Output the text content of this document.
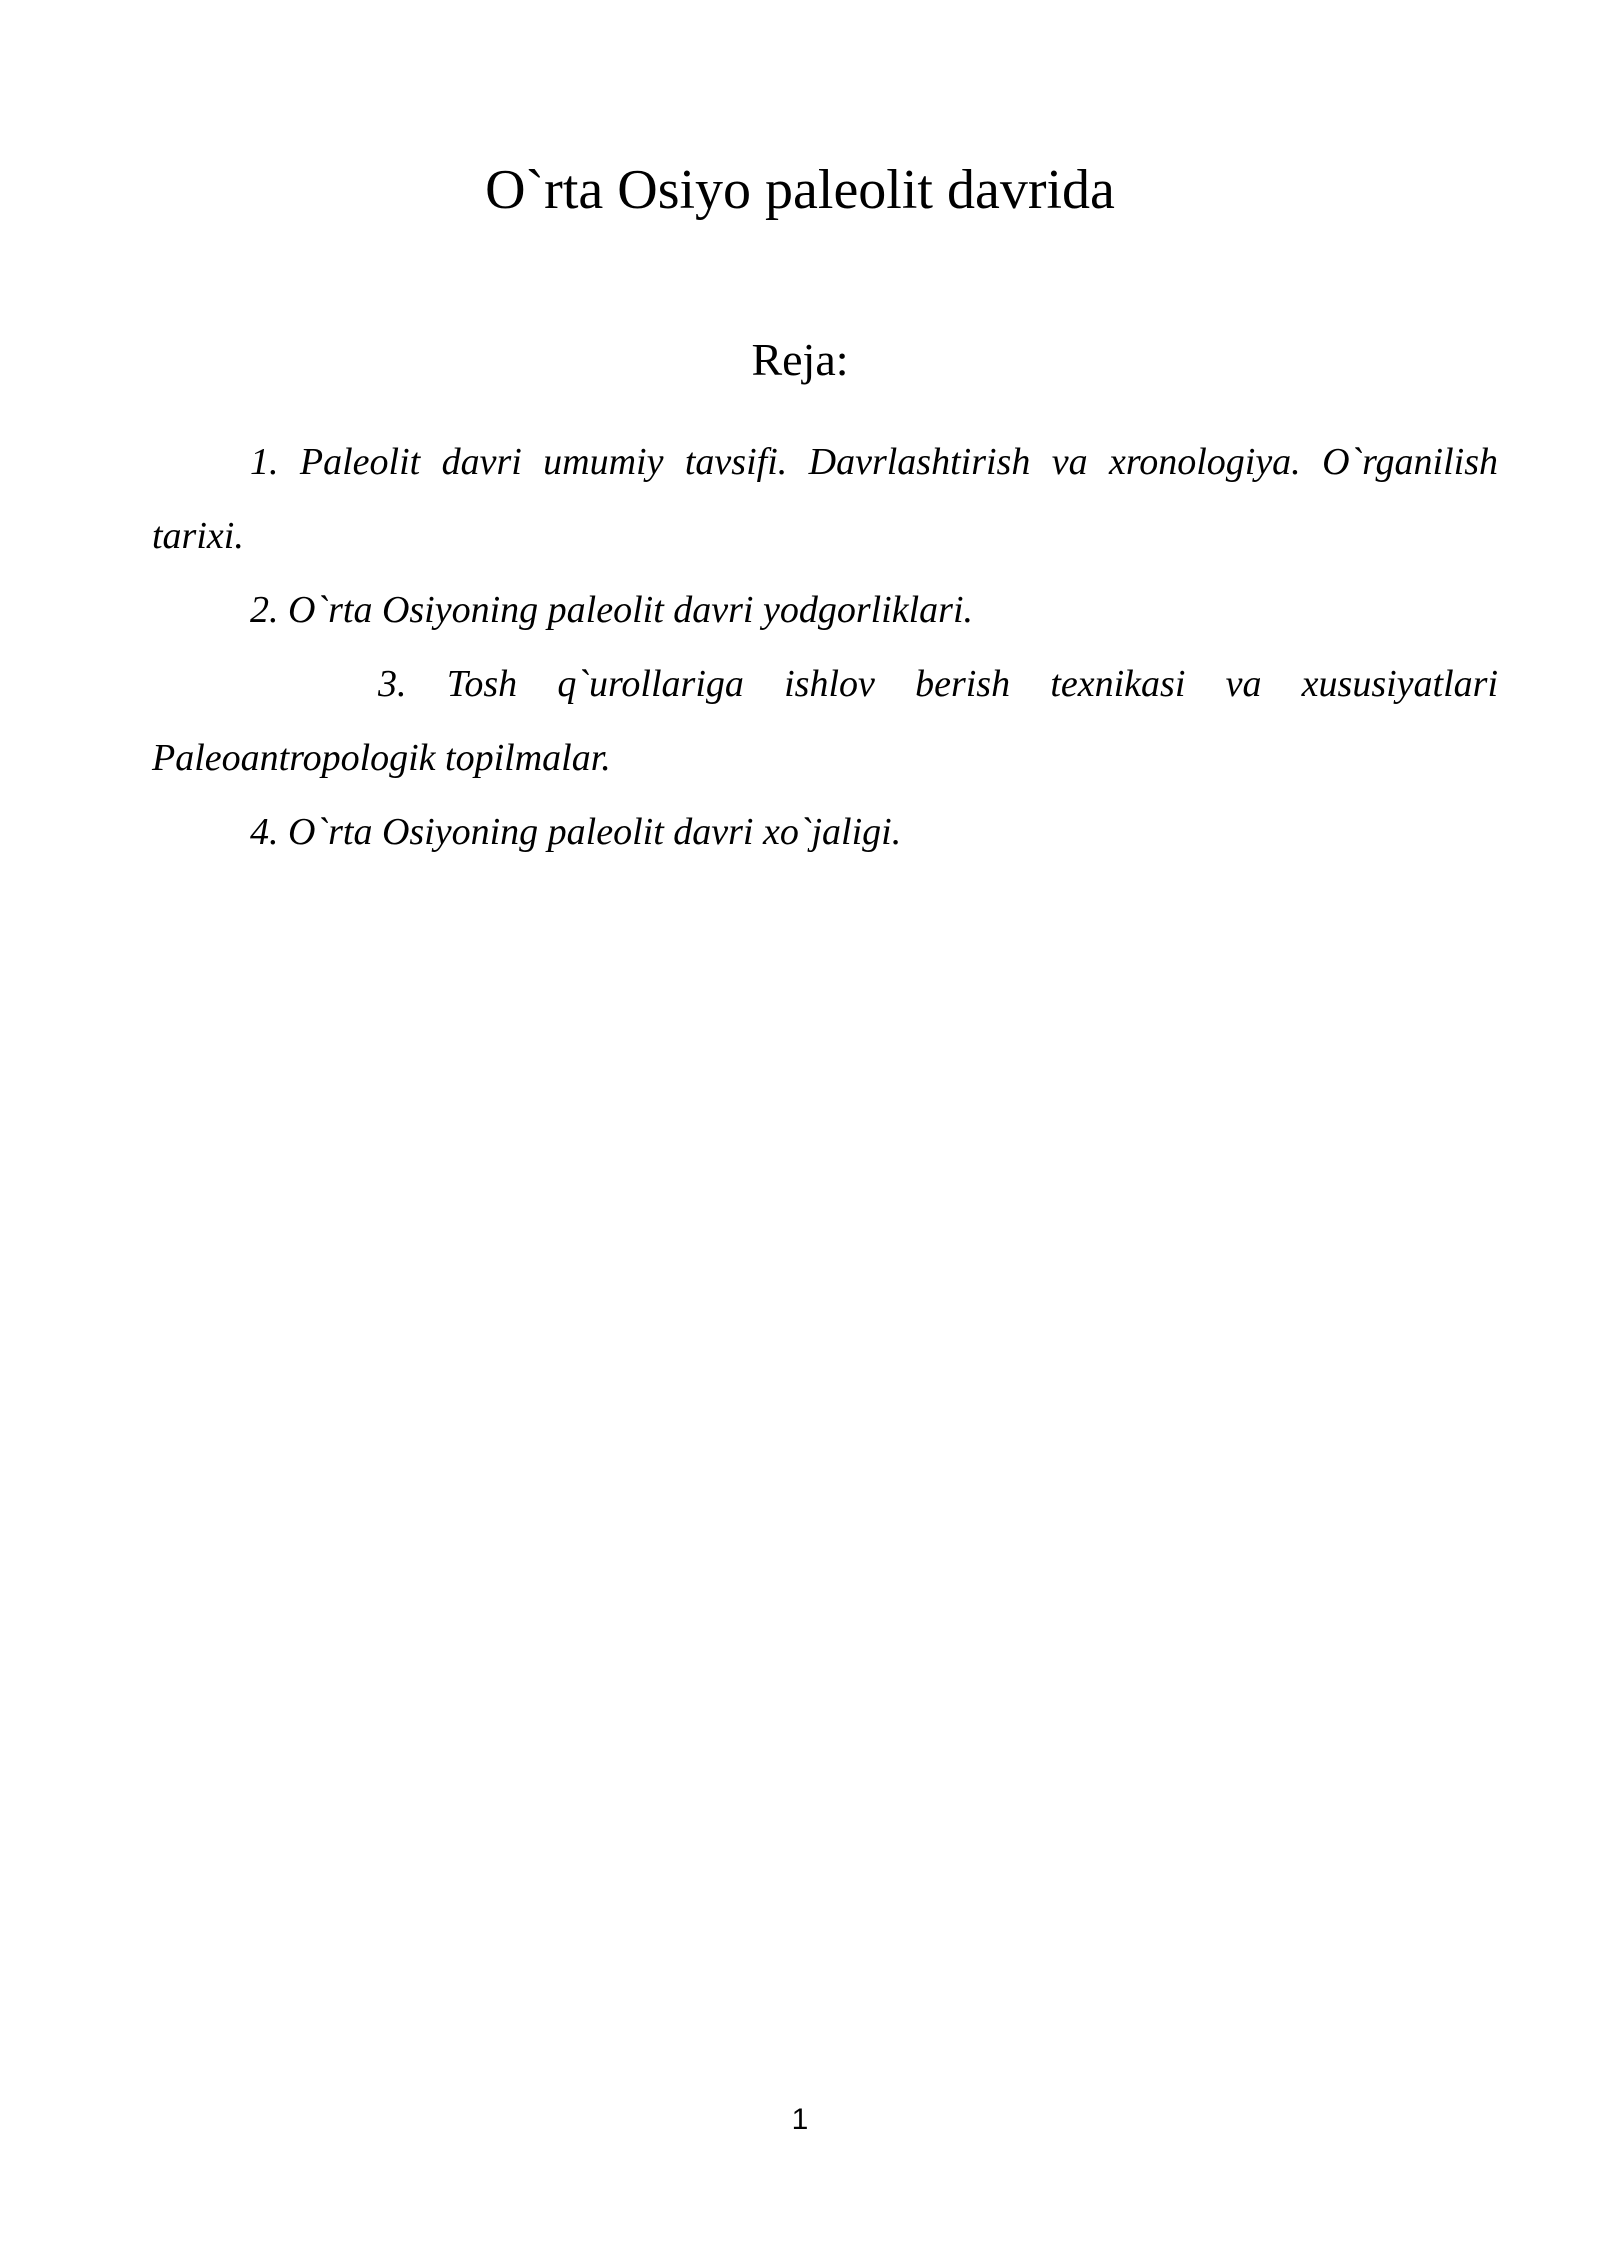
O`rta Osiyo paleolit davrida
Reja:

1. Paleolit davri umumiy tavsifi. Davrlashtirish va xronologiya. O`rganilish tarixi.

2. O`rta Osiyoning paleolit davri yodgorliklari.

3. Tosh q`urollariga ishlov berish texnikasi va xususiyatlari Paleoantropologik topilmalar.

4. O`rta Osiyoning paleolit davri xo`jaligi.

1
